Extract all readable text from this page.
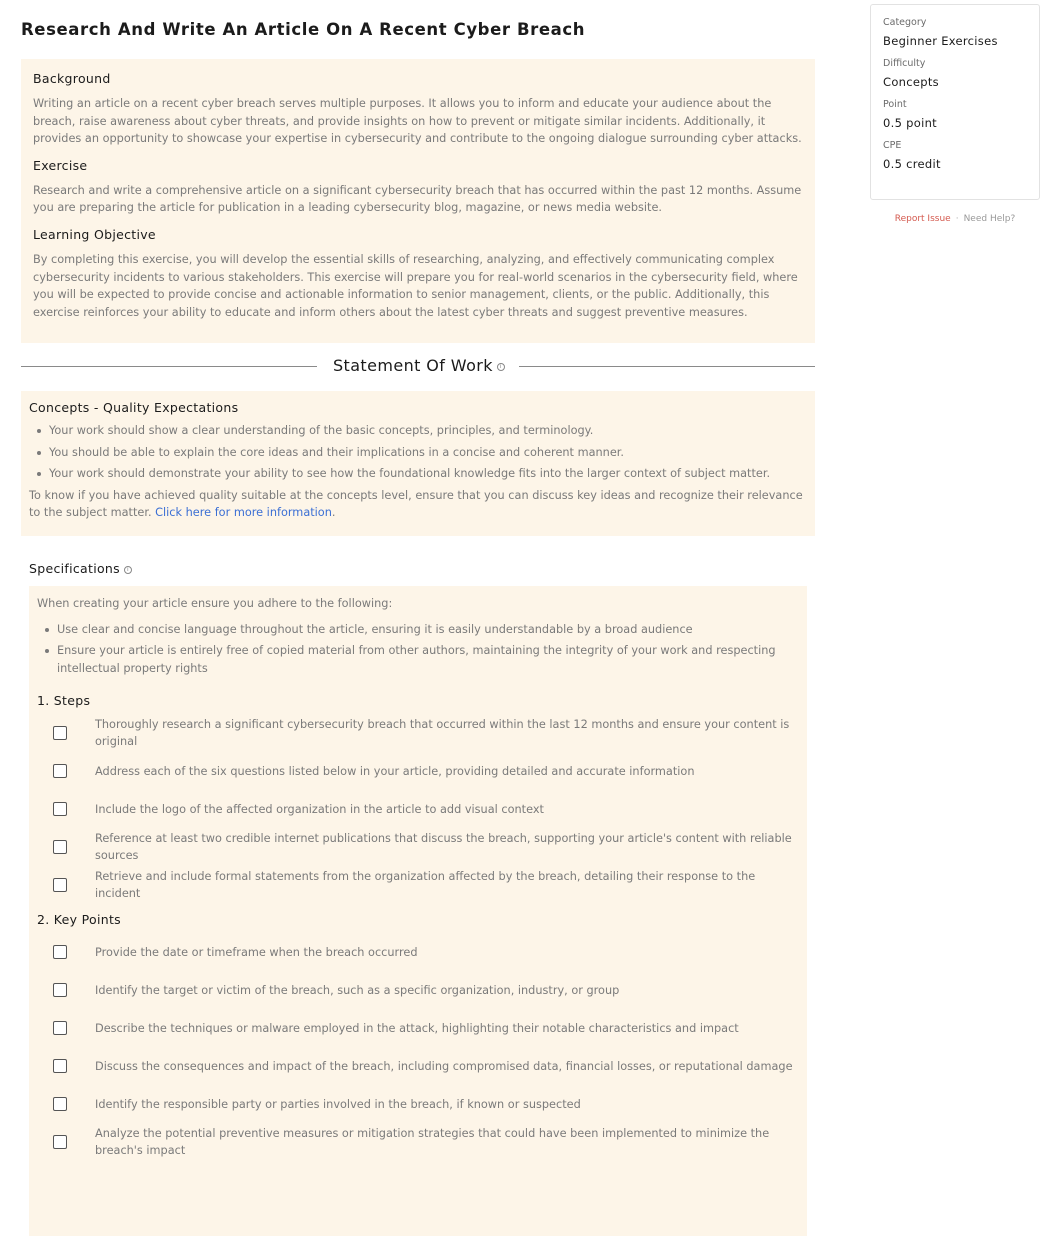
Research And Write An Article On A Recent Cyber Breach
Background

Writing an article on a recent cyber breach serves multiple purposes. It allows you to inform and educate your audience about the breach, raise awareness about cyber threats, and provide insights on how to prevent or mitigate similar incidents. Additionally, it provides an opportunity to showcase your expertise in cybersecurity and contribute to the ongoing dialogue surrounding cyber attacks.

Exercise

Research and write a comprehensive article on a significant cybersecurity breach that has occurred within the past 12 months. Assume you are preparing the article for publication in a leading cybersecurity blog, magazine, or news media website.

Learning Objective

By completing this exercise, you will develop the essential skills of researching, analyzing, and effectively communicating complex cybersecurity incidents to various stakeholders. This exercise will prepare you for real-world scenarios in the cybersecurity field, where you will be expected to provide concise and actionable information to senior management, clients, or the public. Additionally, this exercise reinforces your ability to educate and inform others about the latest cyber threats and suggest preventive measures.

Statement Of Work i
Concepts - Quality Expectations
Your work should show a clear understanding of the basic concepts, principles, and terminology.
You should be able to explain the core ideas and their implications in a concise and coherent manner.
Your work should demonstrate your ability to see how the foundational knowledge fits into the larger context of subject matter.

To know if you have achieved quality suitable at the concepts level, ensure that you can discuss key ideas and recognize their relevance to the subject matter. Click here for more information.

Specifications i

When creating your article ensure you adhere to the following:

Use clear and concise language throughout the article, ensuring it is easily understandable by a broad audience
Ensure your article is entirely free of copied material from other authors, maintaining the integrity of your work and respecting intellectual property rights
1. Steps
Thoroughly research a significant cybersecurity breach that occurred within the last 12 months and ensure your content is original
Address each of the six questions listed below in your article, providing detailed and accurate information
Include the logo of the affected organization in the article to add visual context
Reference at least two credible internet publications that discuss the breach, supporting your article's content with reliable sources
Retrieve and include formal statements from the organization affected by the breach, detailing their response to the incident
2. Key Points
Provide the date or timeframe when the breach occurred
Identify the target or victim of the breach, such as a specific organization, industry, or group
Describe the techniques or malware employed in the attack, highlighting their notable characteristics and impact
Discuss the consequences and impact of the breach, including compromised data, financial losses, or reputational damage
Identify the responsible party or parties involved in the breach, if known or suspected
Analyze the potential preventive measures or mitigation strategies that could have been implemented to minimize the breach's impact
Category
Beginner Exercises
Difficulty
Concepts
Point
0.5 point
CPE
0.5 credit
Report Issue · Need Help?
